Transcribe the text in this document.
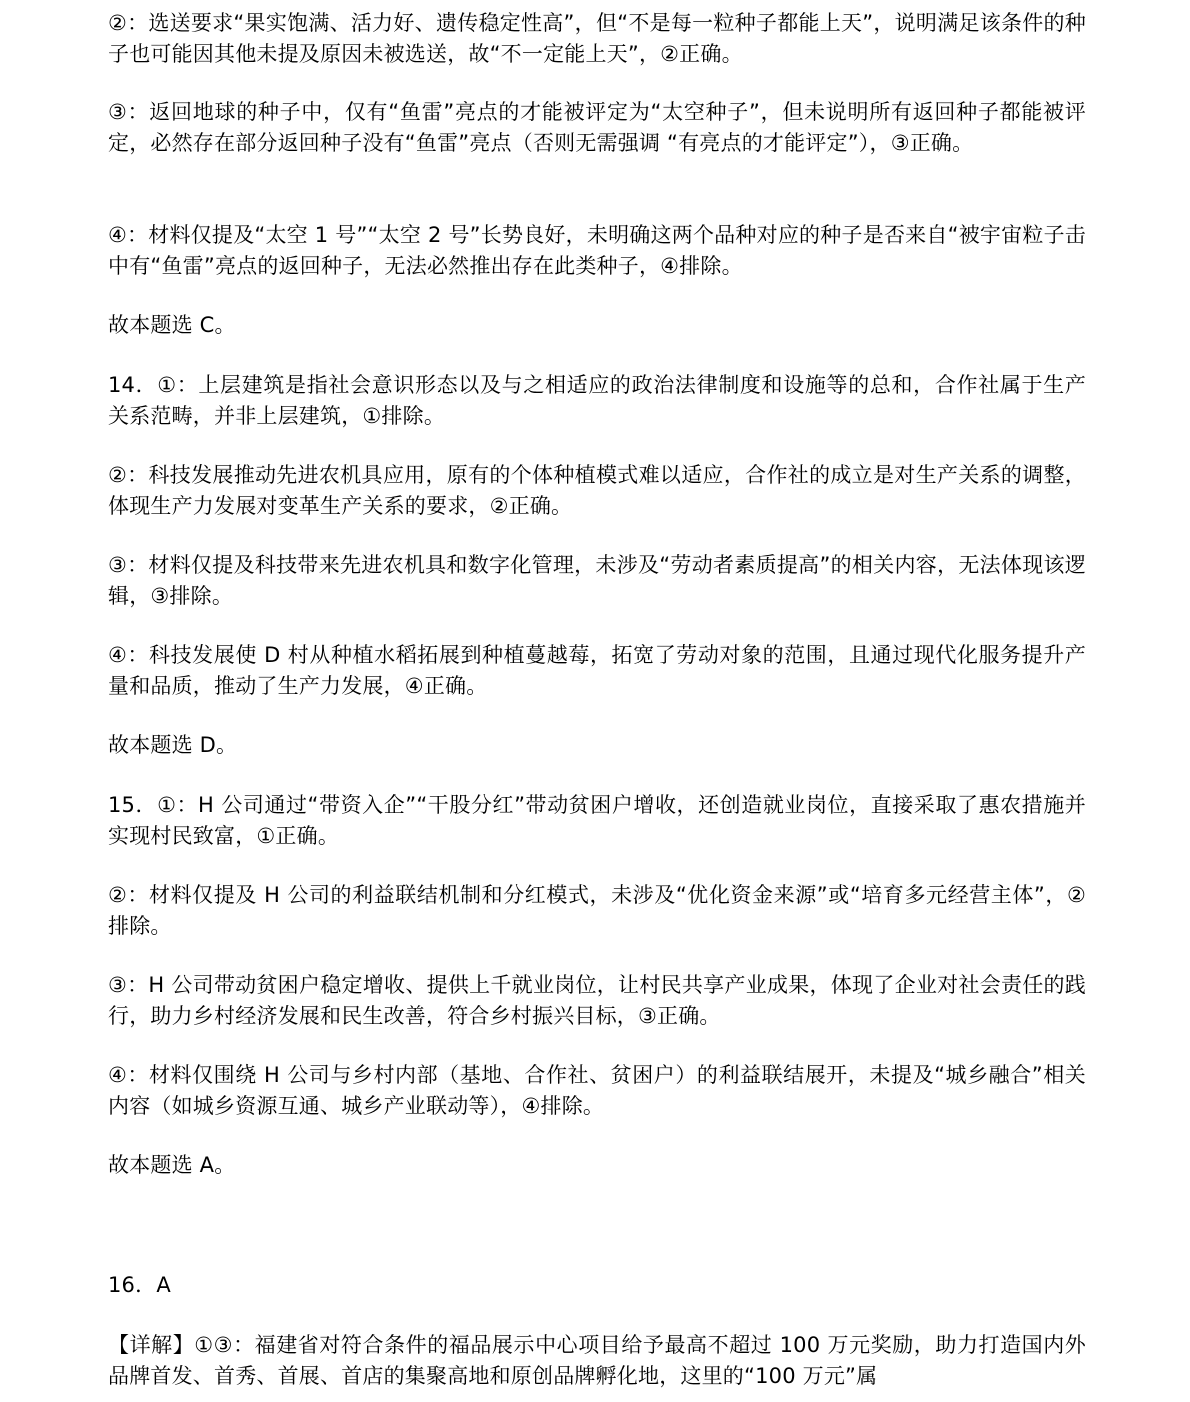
②：选送要求“果实饱满、活力好、遗传稳定性高”，但“不是每一粒种子都能上天”，说明满足该条件的种子也可能因其他未提及原因未被选送，故“不一定能上天”，②正确。

③：返回地球的种子中，仅有“鱼雷”亮点的才能被评定为“太空种子”，但未说明所有返回种子都能被评定，必然存在部分返回种子没有“鱼雷”亮点（否则无需强调 “有亮点的才能评定”），③正确。

④：材料仅提及“太空 1 号”“太空 2 号”长势良好，未明确这两个品种对应的种子是否来自“被宇宙粒子击中有“鱼雷”亮点的返回种子，无法必然推出存在此类种子，④排除。

故本题选 C。

14．①：上层建筑是指社会意识形态以及与之相适应的政治法律制度和设施等的总和，合作社属于生产关系范畴，并非上层建筑，①排除。

②：科技发展推动先进农机具应用，原有的个体种植模式难以适应，合作社的成立是对生产关系的调整，体现生产力发展对变革生产关系的要求，②正确。

③：材料仅提及科技带来先进农机具和数字化管理，未涉及“劳动者素质提高”的相关内容，无法体现该逻辑，③排除。

④：科技发展使 D 村从种植水稻拓展到种植蔓越莓，拓宽了劳动对象的范围，且通过现代化服务提升产量和品质，推动了生产力发展，④正确。

故本题选 D。

15．①：H 公司通过“带资入企”“干股分红”带动贫困户增收，还创造就业岗位，直接采取了惠农措施并实现村民致富，①正确。

②：材料仅提及 H 公司的利益联结机制和分红模式，未涉及“优化资金来源”或“培育多元经营主体”，②排除。

③：H 公司带动贫困户稳定增收、提供上千就业岗位，让村民共享产业成果，体现了企业对社会责任的践行，助力乡村经济发展和民生改善，符合乡村振兴目标，③正确。

④：材料仅围绕 H 公司与乡村内部（基地、合作社、贫困户）的利益联结展开，未提及“城乡融合”相关内容（如城乡资源互通、城乡产业联动等），④排除。

故本题选 A。

16．A

【详解】①③：福建省对符合条件的福品展示中心项目给予最高不超过 100 万元奖励，助力打造国内外品牌首发、首秀、首展、首店的集聚高地和原创品牌孵化地，这里的“100 万元”属
